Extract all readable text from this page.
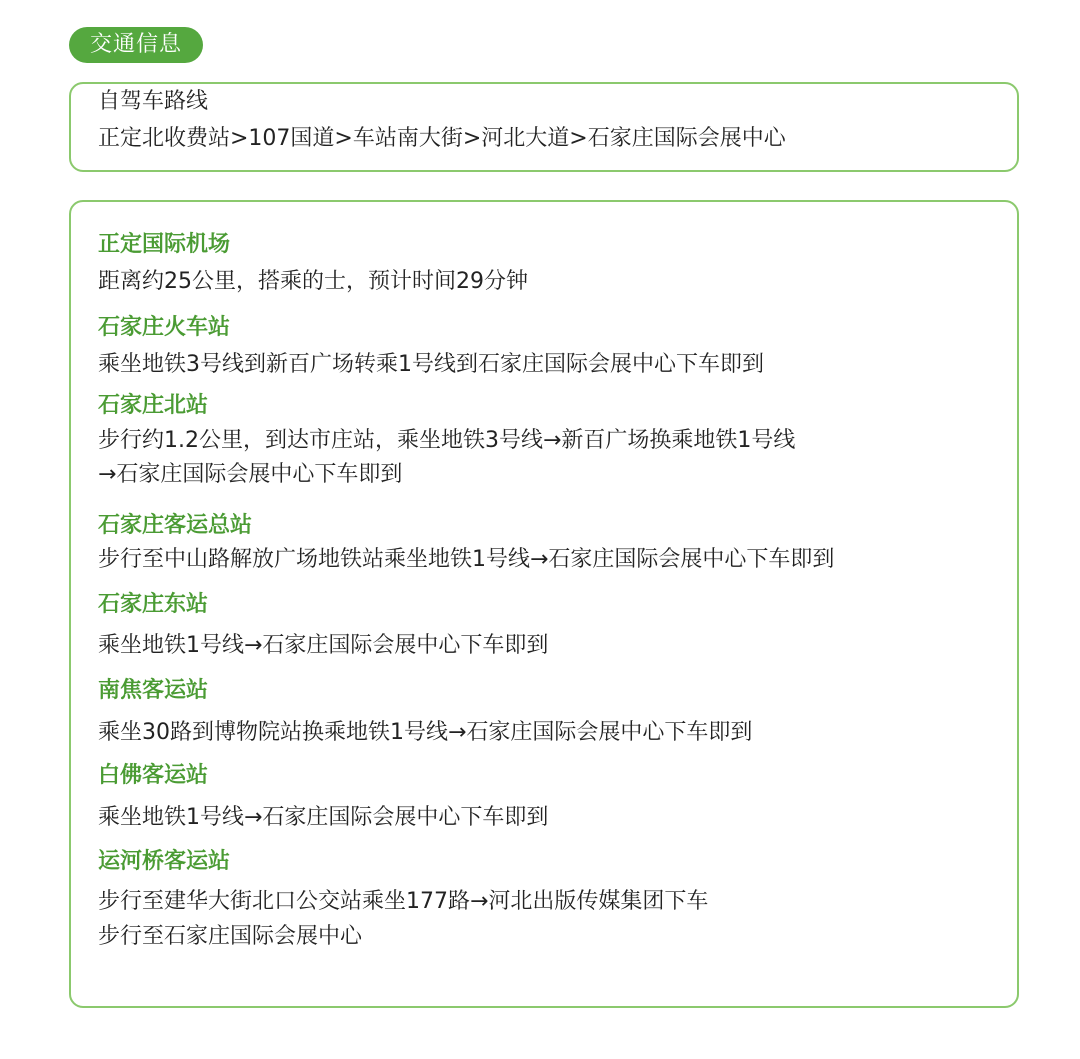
交通信息
自驾车路线
正定北收费站>107国道>车站南大街>河北大道>石家庄国际会展中心
正定国际机场
距离约25公里，搭乘的士，预计时间29分钟
石家庄火车站
乘坐地铁3号线到新百广场转乘1号线到石家庄国际会展中心下车即到
石家庄北站
步行约1.2公里，到达市庄站，乘坐地铁3号线→新百广场换乘地铁1号线
→石家庄国际会展中心下车即到
石家庄客运总站
步行至中山路解放广场地铁站乘坐地铁1号线→石家庄国际会展中心下车即到
石家庄东站
乘坐地铁1号线→石家庄国际会展中心下车即到
南焦客运站
乘坐30路到博物院站换乘地铁1号线→石家庄国际会展中心下车即到
白佛客运站
乘坐地铁1号线→石家庄国际会展中心下车即到
运河桥客运站
步行至建华大街北口公交站乘坐177路→河北出版传媒集团下车
步行至石家庄国际会展中心
